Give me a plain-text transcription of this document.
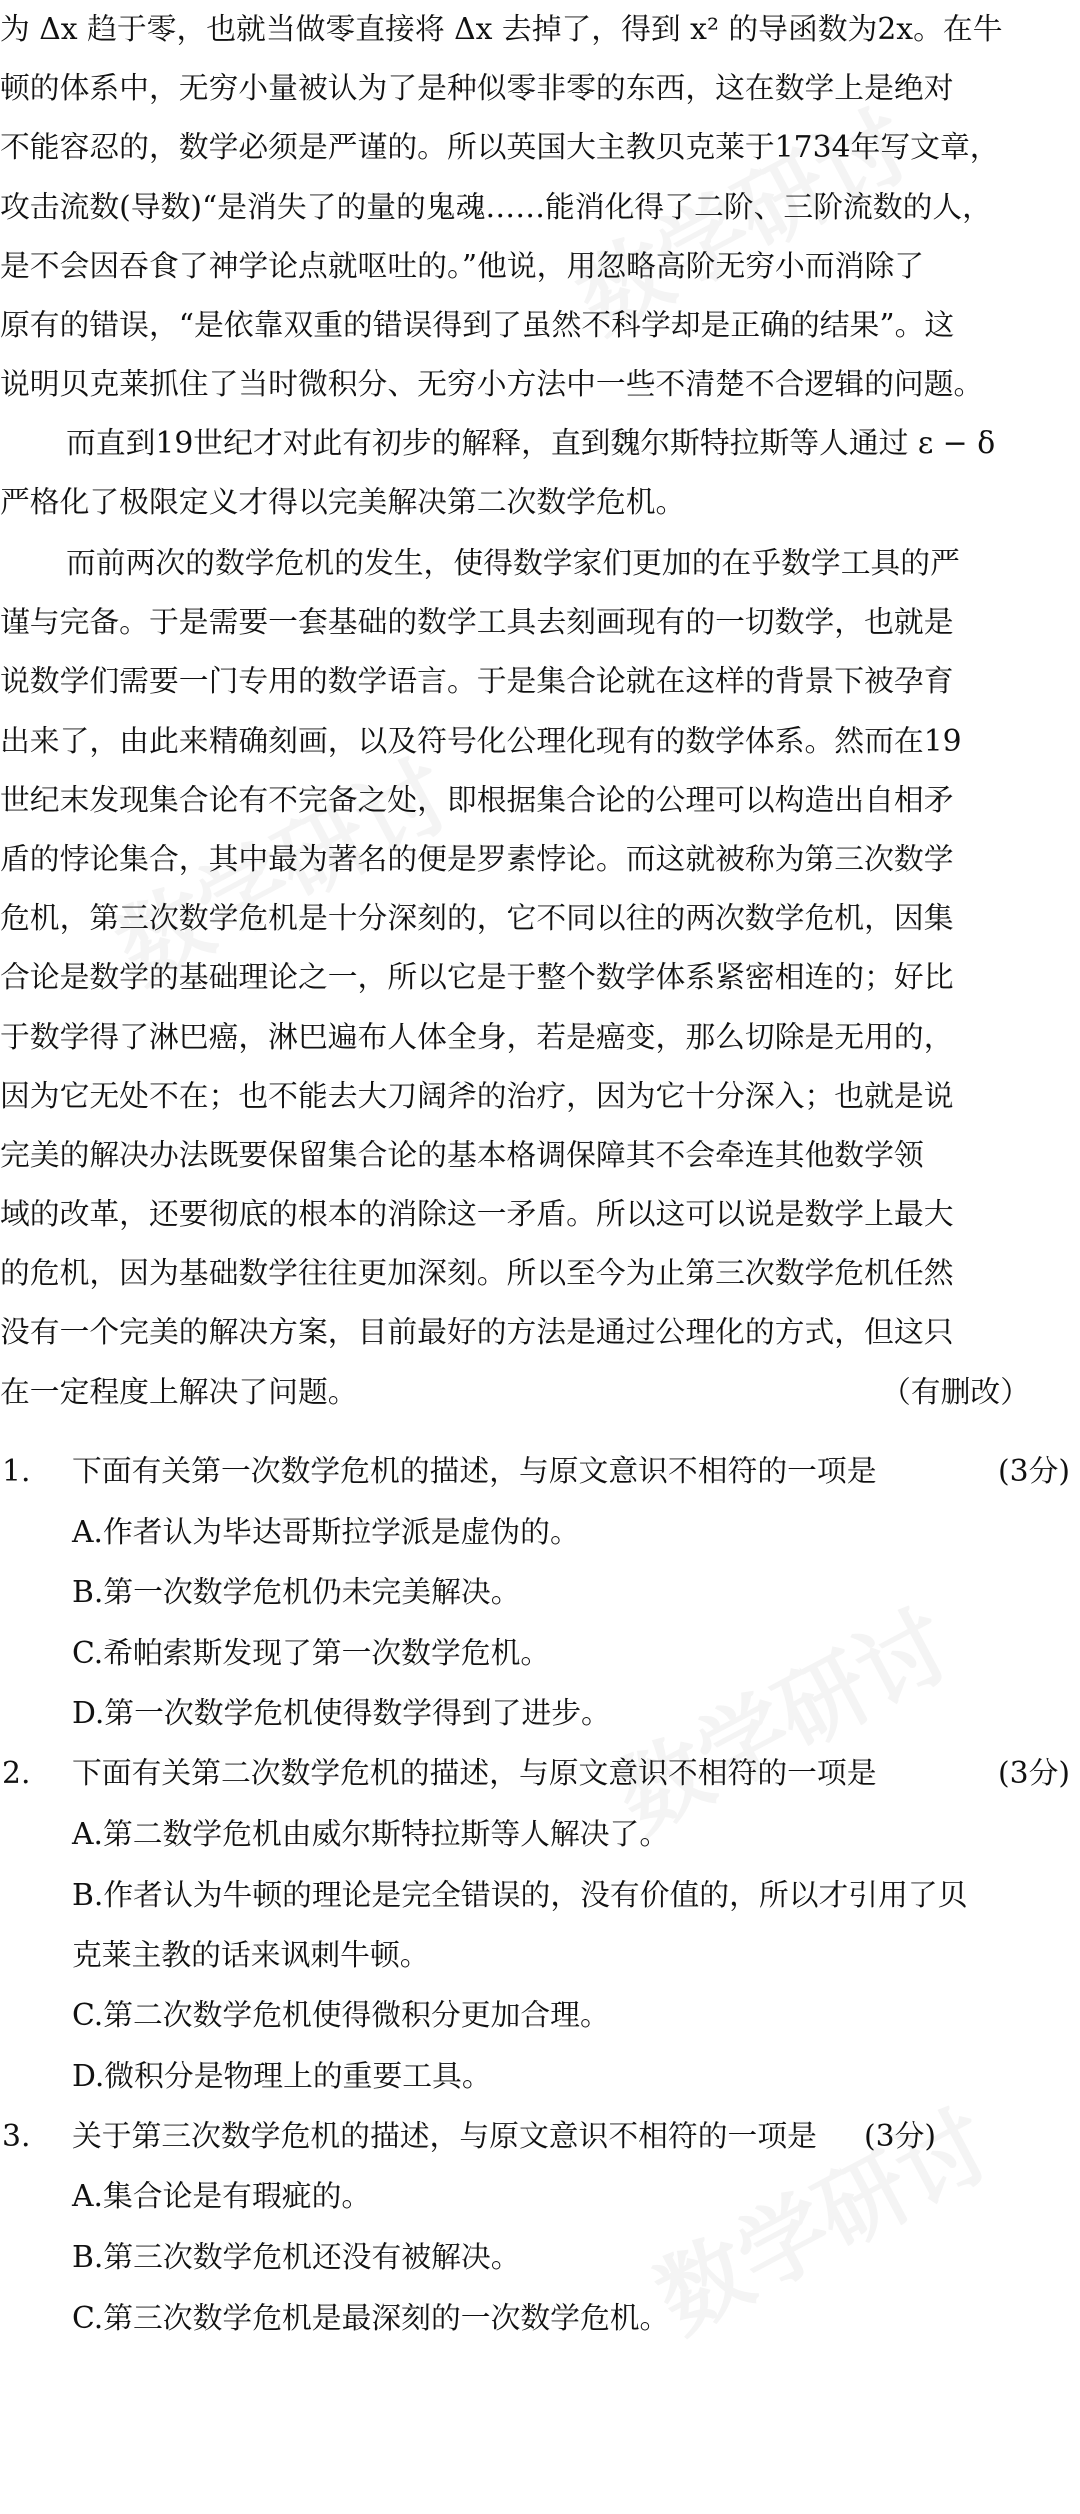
为 Δx 趋于零，也就当做零直接将 Δx 去掉了，得到 x² 的导函数为2x。在牛
顿的体系中，无穷小量被认为了是种似零非零的东西，这在数学上是绝对
不能容忍的，数学必须是严谨的。所以英国大主教贝克莱于1734年写文章，
攻击流数(导数)“是消失了的量的鬼魂……能消化得了二阶、三阶流数的人，
是不会因吞食了神学论点就呕吐的。”他说，用忽略高阶无穷小而消除了
原有的错误，“是依靠双重的错误得到了虽然不科学却是正确的结果”。这
说明贝克莱抓住了当时微积分、无穷小方法中一些不清楚不合逻辑的问题。
而直到19世纪才对此有初步的解释，直到魏尔斯特拉斯等人通过 ε − δ
严格化了极限定义才得以完美解决第二次数学危机。
而前两次的数学危机的发生，使得数学家们更加的在乎数学工具的严
谨与完备。于是需要一套基础的数学工具去刻画现有的一切数学，也就是
说数学们需要一门专用的数学语言。于是集合论就在这样的背景下被孕育
出来了，由此来精确刻画，以及符号化公理化现有的数学体系。然而在19
世纪末发现集合论有不完备之处，即根据集合论的公理可以构造出自相矛
盾的悖论集合，其中最为著名的便是罗素悖论。而这就被称为第三次数学
危机，第三次数学危机是十分深刻的，它不同以往的两次数学危机，因集
合论是数学的基础理论之一，所以它是于整个数学体系紧密相连的；好比
于数学得了淋巴癌，淋巴遍布人体全身，若是癌变，那么切除是无用的，
因为它无处不在；也不能去大刀阔斧的治疗，因为它十分深入；也就是说
完美的解决办法既要保留集合论的基本格调保障其不会牵连其他数学领
域的改革，还要彻底的根本的消除这一矛盾。所以这可以说是数学上最大
的危机，因为基础数学往往更加深刻。所以至今为止第三次数学危机任然
没有一个完美的解决方案，目前最好的方法是通过公理化的方式，但这只
在一定程度上解决了问题。	（有删改）
1. 下面有关第一次数学危机的描述，与原文意识不相符的一项是	(3分)
A.作者认为毕达哥斯拉学派是虚伪的。
B.第一次数学危机仍未完美解决。
C.希帕索斯发现了第一次数学危机。
D.第一次数学危机使得数学得到了进步。
2. 下面有关第二次数学危机的描述，与原文意识不相符的一项是	(3分)
A.第二数学危机由威尔斯特拉斯等人解决了。
B.作者认为牛顿的理论是完全错误的，没有价值的，所以才引用了贝
克莱主教的话来讽刺牛顿。
C.第二次数学危机使得微积分更加合理。
D.微积分是物理上的重要工具。
3. 关于第三次数学危机的描述，与原文意识不相符的一项是 (3分)
A.集合论是有瑕疵的。
B.第三次数学危机还没有被解决。
C.第三次数学危机是最深刻的一次数学危机。
